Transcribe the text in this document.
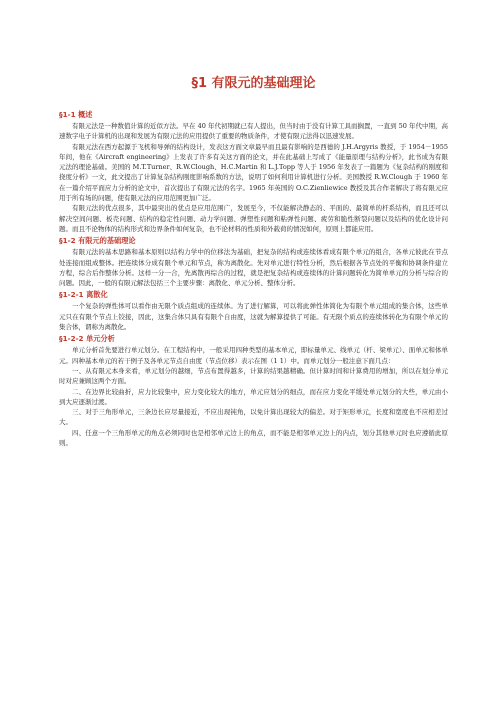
§1 有限元的基础理论
§1-1 概述

有限元法是一种数值计算的近似方法。早在 40 年代初期就已有人提出，但当时由于没有计算工具而搁置，一直到 50 年代中期，高速数字电子计算机的出现和发展为有限元法的应用提供了重要的物质条件，才使有限元法得以迅速发展。

有限元法在西方起源于飞机和导弹的结构设计，发表这方面文章最早而且最有影响的是西德的 J.H.Argyris 教授，于 1954－1955 年间，他在《Aircraft engineering》上发表了许多有关这方面的论文，并在此基础上写成了《能量原理与结构分析》，此书成为有限元法的理论基础。美国的 M.T.Turner、R.W.Clough、H.C.Martin 和 L.J.Topp 等人于 1956 年发表了一篇题为《复杂结构的刚度和挠度分析》一文，此文提出了计算复杂结构刚度影响系数的方法，说明了如何利用计算机进行分析。美国教授 R.W.Clough 于 1960 年在一篇介绍平面应力分析的论文中，首次提出了有限元法的名字。1965 年英国的 O.C.Zienliewice 教授及其合作者解决了将有限元应用于所有场的问题，使有限元法的应用范围更加广泛。

有限元法的优点很多，其中最突出的优点是应用范围广，发展至今，不仅能解决静态的、平面的、最简单的杆系结构，而且还可以解决空间问题、板壳问题、结构的稳定性问题、动力学问题、弹塑性问题和粘弹性问题、疲劳和脆性断裂问题以及结构的优化设计问题。而且不论物体的结构形式和边界条件如何复杂，也不论材料的性质和外载荷的情况如何，原则上都能应用。

§1-2 有限元的基础理论

有限元法的基本思路和基本原则以结构力学中的位移法为基础，把复杂的结构或连续体看成有限个单元的组合，各单元彼此在节点处连接而组成整体。把连续体分成有限个单元和节点，称为离散化。先对单元进行特性分析，然后根据各节点处的平衡和协调条件建立方程，综合后作整体分析。这样一分一合，先离散再综合的过程，就是把复杂结构或连续体的计算问题转化为简单单元的分析与综合的问题。因此，一般的有限元解法包括三个主要步骤：离散化、单元分析、整体分析。

§1-2-1 离散化

一个复杂的弹性体可以看作由无限个质点组成的连续体。为了进行解算，可以将此弹性体简化为有限个单元组成的集合体，这些单元只在有限个节点上铰接，因此，这集合体只具有有限个自由度，这就为解算提供了可能。有无限个质点的连续体转化为有限个单元的集合体，谓称为离散化。

§1-2-2 单元分析

单元分析首先要进行单元划分。在工程结构中，一般采用四种类型的基本单元，即标量单元、线单元（杆、梁单元）、面单元和体单元。四种基本单元的若干例子及各单元节点自由度（节点位移）表示在图（1 1）中。而单元划分一般注意下面几点：

一、从有限元本身来看，单元划分的越细，节点布置得越多，计算的结果越精确。但计算时间和计算费用的增加，所以在划分单元时对应兼顾这两个方面。

二、在边界比较曲折，应力比较集中，应力变化较大的地方，单元应划分的细点，而在应力变化平缓处单元划分的大些，单元由小到大应逐渐过渡。

三、对于三角形单元，三条边长应尽量接近，不应出现钝角，以免计算出现较大的偏差。对于矩形单元，长度和宽度也不应相差过大。

四、任意一个三角形单元的角点必须同时也是相邻单元边上的角点，而不能是相邻单元边上的内点，划分其他单元时也应遵循此原则。
